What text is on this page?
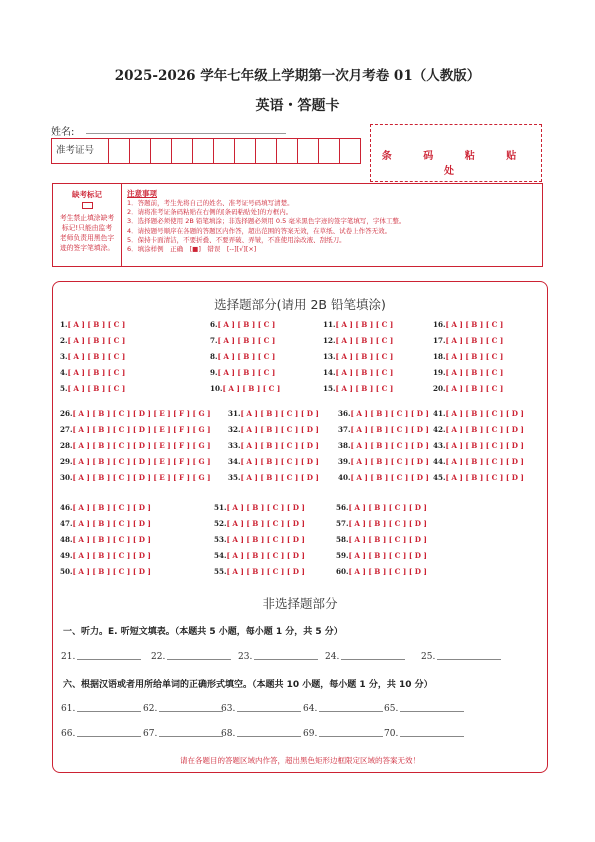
2025-2026 学年七年级上学期第一次月考卷 01（人教版）
英语・答题卡
姓名:
准考证号
条 码 粘 贴 处
缺考标记
考生禁止填涂缺考标记!只能由监考老师负责用黑色字迹的签字笔填涂。
注意事项
1．答题前，考生先将自己的姓名、准考证号码填写清楚。
2．请将准考证条码粘贴在右侧的[条码粘贴处]的方框内。
3．选择题必须使用 2B 铅笔填涂；非选择题必须用 0.5 毫米黑色字迹的签字笔填写，字体工整。
4．请按题号顺序在各题的答题区内作答，超出范围的答案无效，在草纸、试卷上作答无效。
5．保持卡面清洁，不要折叠、不要弄破、弄皱，不准使用涂改液、刮纸刀。
6．填涂样例　正确　[■]　错误　[--][√][×]
选择题部分(请用 2B 铅笔填涂)
1.[ A ] [ B ] [ C ]
2.[ A ] [ B ] [ C ]
3.[ A ] [ B ] [ C ]
4.[ A ] [ B ] [ C ]
5.[ A ] [ B ] [ C ]
6.[ A ] [ B ] [ C ]
7.[ A ] [ B ] [ C ]
8.[ A ] [ B ] [ C ]
9.[ A ] [ B ] [ C ]
10.[ A ] [ B ] [ C ]
11.[ A ] [ B ] [ C ]
12.[ A ] [ B ] [ C ]
13.[ A ] [ B ] [ C ]
14.[ A ] [ B ] [ C ]
15.[ A ] [ B ] [ C ]
16.[ A ] [ B ] [ C ]
17.[ A ] [ B ] [ C ]
18.[ A ] [ B ] [ C ]
19.[ A ] [ B ] [ C ]
20.[ A ] [ B ] [ C ]
26.[ A ] [ B ] [ C ] [ D ] [ E ] [ F ] [ G ]
27.[ A ] [ B ] [ C ] [ D ] [ E ] [ F ] [ G ]
28.[ A ] [ B ] [ C ] [ D ] [ E ] [ F ] [ G ]
29.[ A ] [ B ] [ C ] [ D ] [ E ] [ F ] [ G ]
30.[ A ] [ B ] [ C ] [ D ] [ E ] [ F ] [ G ]
31.[ A ] [ B ] [ C ] [ D ]
32.[ A ] [ B ] [ C ] [ D ]
33.[ A ] [ B ] [ C ] [ D ]
34.[ A ] [ B ] [ C ] [ D ]
35.[ A ] [ B ] [ C ] [ D ]
36.[ A ] [ B ] [ C ] [ D ]
37.[ A ] [ B ] [ C ] [ D ]
38.[ A ] [ B ] [ C ] [ D ]
39.[ A ] [ B ] [ C ] [ D ]
40.[ A ] [ B ] [ C ] [ D ]
41.[ A ] [ B ] [ C ] [ D ]
42.[ A ] [ B ] [ C ] [ D ]
43.[ A ] [ B ] [ C ] [ D ]
44.[ A ] [ B ] [ C ] [ D ]
45.[ A ] [ B ] [ C ] [ D ]
46.[ A ] [ B ] [ C ] [ D ]
47.[ A ] [ B ] [ C ] [ D ]
48.[ A ] [ B ] [ C ] [ D ]
49.[ A ] [ B ] [ C ] [ D ]
50.[ A ] [ B ] [ C ] [ D ]
51.[ A ] [ B ] [ C ] [ D ]
52.[ A ] [ B ] [ C ] [ D ]
53.[ A ] [ B ] [ C ] [ D ]
54.[ A ] [ B ] [ C ] [ D ]
55.[ A ] [ B ] [ C ] [ D ]
56.[ A ] [ B ] [ C ] [ D ]
57.[ A ] [ B ] [ C ] [ D ]
58.[ A ] [ B ] [ C ] [ D ]
59.[ A ] [ B ] [ C ] [ D ]
60.[ A ] [ B ] [ C ] [ D ]
非选择题部分
一、听力。E. 听短文填表。（本题共 5 小题，每小题 1 分，共 5 分）
21.	22.	23.	24.	25.
六、根据汉语或者用所给单词的正确形式填空。（本题共 10 小题，每小题 1 分，共 10 分）
61.	62.	63.	64.	65.
66.	67.	68.	69.	70.
请在各题目的答题区域内作答，超出黑色矩形边框限定区域的答案无效！
